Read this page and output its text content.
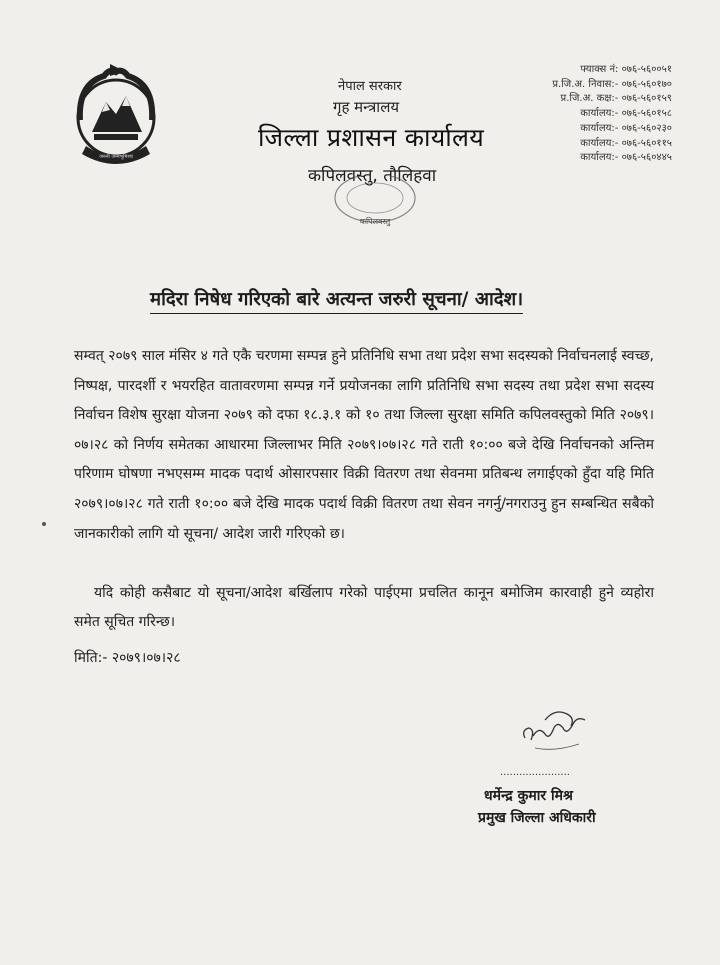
जननी जन्मभूमिश्च
नेपाल सरकार
गृह मन्त्रालय
जिल्ला प्रशासन कार्यालय
कपिलवस्तु, तौलिहवा
कपिलवस्तु
फ्याक्स नं: ०७६-५६००५१
प्र.जि.अ. निवास:- ०७६-५६०१७०
प्र.जि.अ. कक्ष:- ०७६-५६०१५९
कार्यालय:- ०७६-५६०१५८
कार्यालय:- ०७६-५६०२३०
कार्यालय:- ०७६-५६०११५
कार्यालय:- ०७६-५६०४४५
मदिरा निषेध गरिएको बारे अत्यन्त जरुरी सूचना/ आदेश।
सम्वत् २०७९ साल मंसिर ४ गते एकै चरणमा सम्पन्न हुने प्रतिनिधि सभा तथा प्रदेश सभा सदस्यको निर्वाचनलाई स्वच्छ, निष्पक्ष, पारदर्शी र भयरहित वातावरणमा सम्पन्न गर्ने प्रयोजनका लागि प्रतिनिधि सभा सदस्य तथा प्रदेश सभा सदस्य निर्वाचन विशेष सुरक्षा योजना २०७९ को दफा १८.३.१ को १० तथा जिल्ला सुरक्षा समिति कपिलवस्तुको मिति २०७९।०७।२८ को निर्णय समेतका आधारमा जिल्लाभर मिति २०७९।०७।२८ गते राती १०:०० बजे देखि निर्वाचनको अन्तिम परिणाम घोषणा नभएसम्म मादक पदार्थ ओसारपसार विक्री वितरण तथा सेवनमा प्रतिबन्ध लगाईएको हुँदा यहि मिति २०७९।०७।२८ गते राती १०:०० बजे देखि मादक पदार्थ विक्री वितरण तथा सेवन नगर्नु/नगराउनु हुन सम्बन्धित सबैको जानकारीको लागि यो सूचना/ आदेश जारी गरिएको छ।
यदि कोही कसैबाट यो सूचना/आदेश बर्खिलाप गरेको पाईएमा प्रचलित कानून बमोजिम कारवाही हुने व्यहोरा समेत सूचित गरिन्छ।
मिति:- २०७९।०७।२८
......................
धर्मेन्द्र कुमार मिश्र
प्रमुख जिल्ला अधिकारी
